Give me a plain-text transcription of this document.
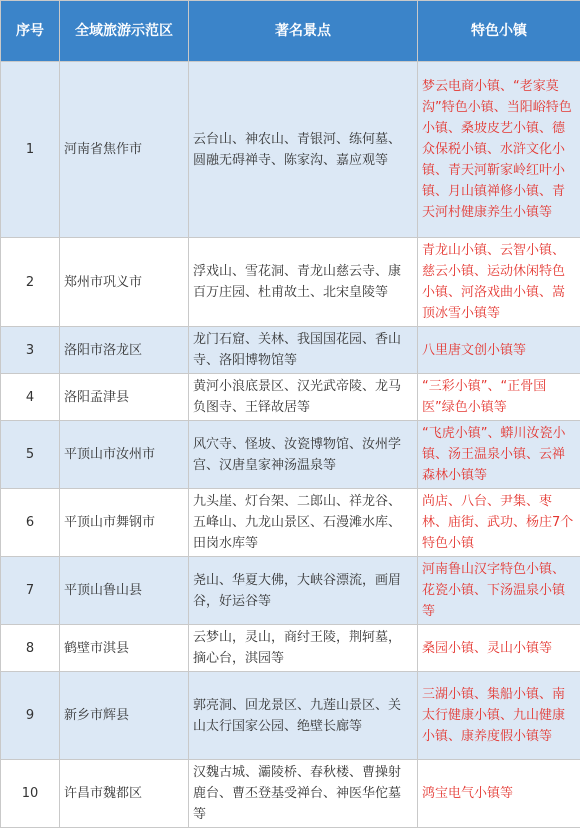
序号	全域旅游示范区	著名景点	特色小镇
1	河南省焦作市	云台山、神农山、青银河、练何墓、圆融无碍禅寺、陈家沟、嘉应观等	梦云电商小镇、“老家莫沟”特色小镇、当阳峪特色小镇、桑坡皮艺小镇、德众保税小镇、水浒文化小镇、青天河靳家岭红叶小镇、月山镇禅修小镇、青天河村健康养生小镇等
2	郑州市巩义市	浮戏山、雪花洞、青龙山慈云寺、康百万庄园、杜甫故土、北宋皇陵等	青龙山小镇、云智小镇、慈云小镇、运动休闲特色小镇、河洛戏曲小镇、嵩顶冰雪小镇等
3	洛阳市洛龙区	龙门石窟、关林、我国国花园、香山寺、洛阳博物馆等	八里唐文创小镇等
4	洛阳孟津县	黄河小浪底景区、汉光武帝陵、龙马负图寺、王铎故居等	“三彩小镇”、“正骨国医”绿色小镇等
5	平顶山市汝州市	风穴寺、怪坡、汝瓷博物馆、汝州学宫、汉唐皇家神汤温泉等	“飞虎小镇”、蟒川汝瓷小镇、汤王温泉小镇、云禅森林小镇等
6	平顶山市舞钢市	九头崖、灯台架、二郎山、祥龙谷、五峰山、九龙山景区、石漫滩水库、田岗水库等	尚店、八台、尹集、枣林、庙街、武功、杨庄7个特色小镇
7	平顶山鲁山县	尧山、华夏大佛，大峡谷漂流，画眉谷，好运谷等	河南鲁山汉字特色小镇、花瓷小镇、下汤温泉小镇等
8	鹤壁市淇县	云梦山，灵山，商纣王陵，荆轲墓，摘心台，淇园等	桑园小镇、灵山小镇等
9	新乡市辉县	郭亮洞、回龙景区、九莲山景区、关山太行国家公园、绝壁长廊等	三湖小镇、集船小镇、南太行健康小镇、九山健康小镇、康养度假小镇等
10	许昌市魏都区	汉魏古城、灞陵桥、春秋楼、曹操射鹿台、曹丕登基受禅台、神医华佗墓等	鸿宝电气小镇等
